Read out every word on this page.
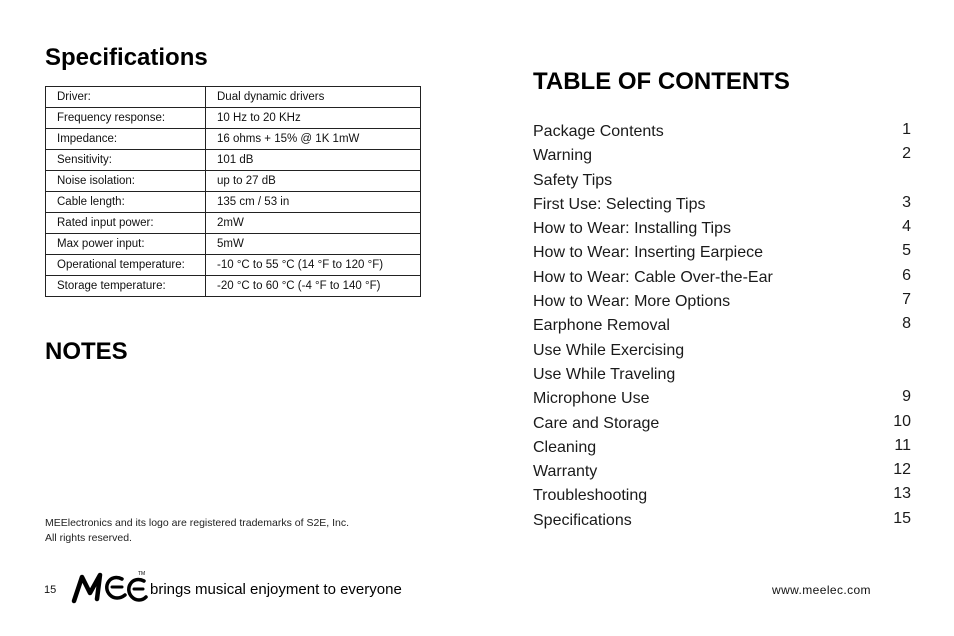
Specifications
Driver:	Dual dynamic drivers
Frequency response:	10 Hz to 20 KHz
Impedance:	16 ohms + 15% @ 1K 1mW
Sensitivity:	101 dB
Noise isolation:	up to 27 dB
Cable length:	135 cm / 53 in
Rated input power:	2mW
Max power input:	5mW
Operational temperature:	-10 °C to 55 °C (14 °F to 120 °F)
Storage temperature:	-20 °C to 60 °C (-4 °F to 140 °F)
NOTES
MEElectronics and its logo are registered trademarks of S2E, Inc.
All rights reserved.
15
TM
brings musical enjoyment to everyone	www.meelec.com
TABLE OF CONTENTS
Package Contents	1
Warning	2
Safety Tips
First Use: Selecting Tips	3
How to Wear: Installing Tips	4
How to Wear: Inserting Earpiece	5
How to Wear: Cable Over-the-Ear	6
How to Wear: More Options	7
Earphone Removal	8
Use While Exercising
Use While Traveling
Microphone Use	9
Care and Storage	10
Cleaning	11
Warranty	12
Troubleshooting	13
Specifications	15
